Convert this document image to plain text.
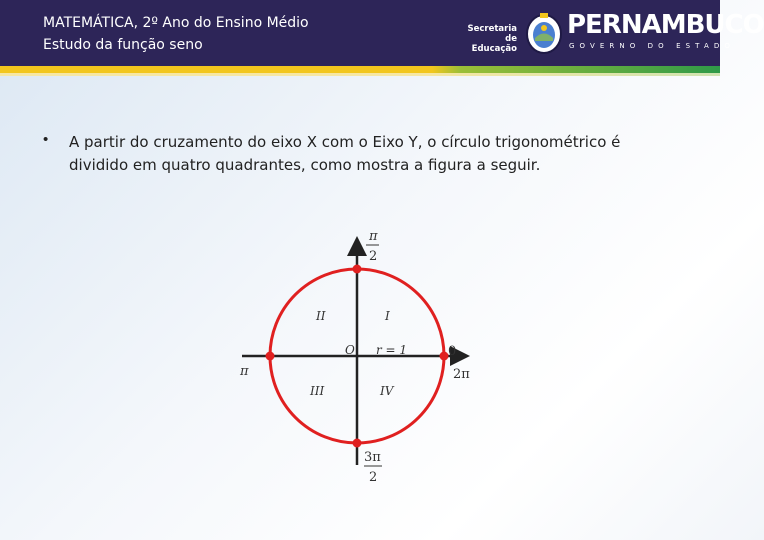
MATEMÁTICA, 2º Ano do Ensino Médio
Estudo da função seno
Secretaria de
Educação
PERNAMBUCO
GOVERNO DO ESTADO
• A partir do cruzamento do eixo X com o Eixo Y, o círculo trigonométrico é dividido em quatro quadrantes, como mostra a figura a seguir.
π
2
π
0
2π
3π
2
O r = 1
I
II
III	IV
